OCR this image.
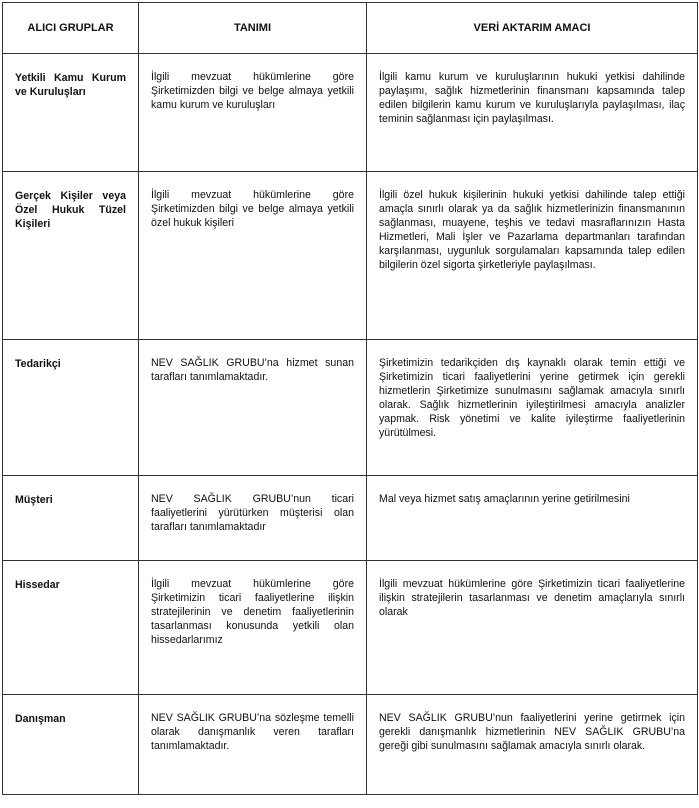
ALICI GRUPLAR	TANIMI	VERİ AKTARIM AMACI

Yetkili Kamu Kurum ve Kuruluşları	İlgili mevzuat hükümlerine göre Şirketimizden bilgi ve belge almaya yetkili kamu kurum ve kuruluşları	İlgili kamu kurum ve kuruluşlarının hukuki yetkisi dahilinde paylaşımı, sağlık hizmetlerinin finansmanı kapsamında talep edilen bilgilerin kamu kurum ve kuruluşlarıyla paylaşılması, ilaç teminin sağlanması için paylaşılması.

Gerçek Kişiler veya Özel Hukuk Tüzel Kişileri	İlgili mevzuat hükümlerine göre Şirketimizden bilgi ve belge almaya yetkili özel hukuk kişileri	İlgili özel hukuk kişilerinin hukuki yetkisi dahilinde talep ettiği amaçla sınırlı olarak ya da sağlık hizmetlerinizin finansmanının sağlanması, muayene, teşhis ve tedavi masraflarınızın Hasta Hizmetleri, Mali İşler ve Pazarlama departmanları tarafından karşılanması, uygunluk sorgulamaları kapsamında talep edilen bilgilerin özel sigorta şirketleriyle paylaşılması.

Tedarikçi	NEV SAĞLIK GRUBU’na hizmet sunan tarafları tanımlamaktadır.	Şirketimizin tedarikçiden dış kaynaklı olarak temin ettiği ve Şirketimizin ticari faaliyetlerini yerine getirmek için gerekli hizmetlerin Şirketimize sunulmasını sağlamak amacıyla sınırlı olarak. Sağlık hizmetlerinin iyileştirilmesi amacıyla analizler yapmak. Risk yönetimi ve kalite iyileştirme faaliyetlerinin yürütülmesi.

Müşteri	NEV SAĞLIK GRUBU’nun ticari faaliyetlerini yürütürken müşterisi olan tarafları tanımlamaktadır	Mal veya hizmet satış amaçlarının yerine getirilmesini

Hissedar	İlgili mevzuat hükümlerine göre Şirketimizin ticari faaliyetlerine ilişkin stratejilerinin ve denetim faaliyetlerinin tasarlanması konusunda yetkili olan hissedarlarımız	İlgili mevzuat hükümlerine göre Şirketimizin ticari faaliyetlerine ilişkin stratejilerin tasarlanması ve denetim amaçlarıyla sınırlı olarak

Danışman	NEV SAĞLIK GRUBU’na sözleşme temelli olarak danışmanlık veren tarafları tanımlamaktadır.	NEV SAĞLIK GRUBU’nun faaliyetlerini yerine getirmek için gerekli danışmanlık hizmetlerinin NEV SAĞLIK GRUBU’na gereği gibi sunulmasını sağlamak amacıyla sınırlı olarak.
